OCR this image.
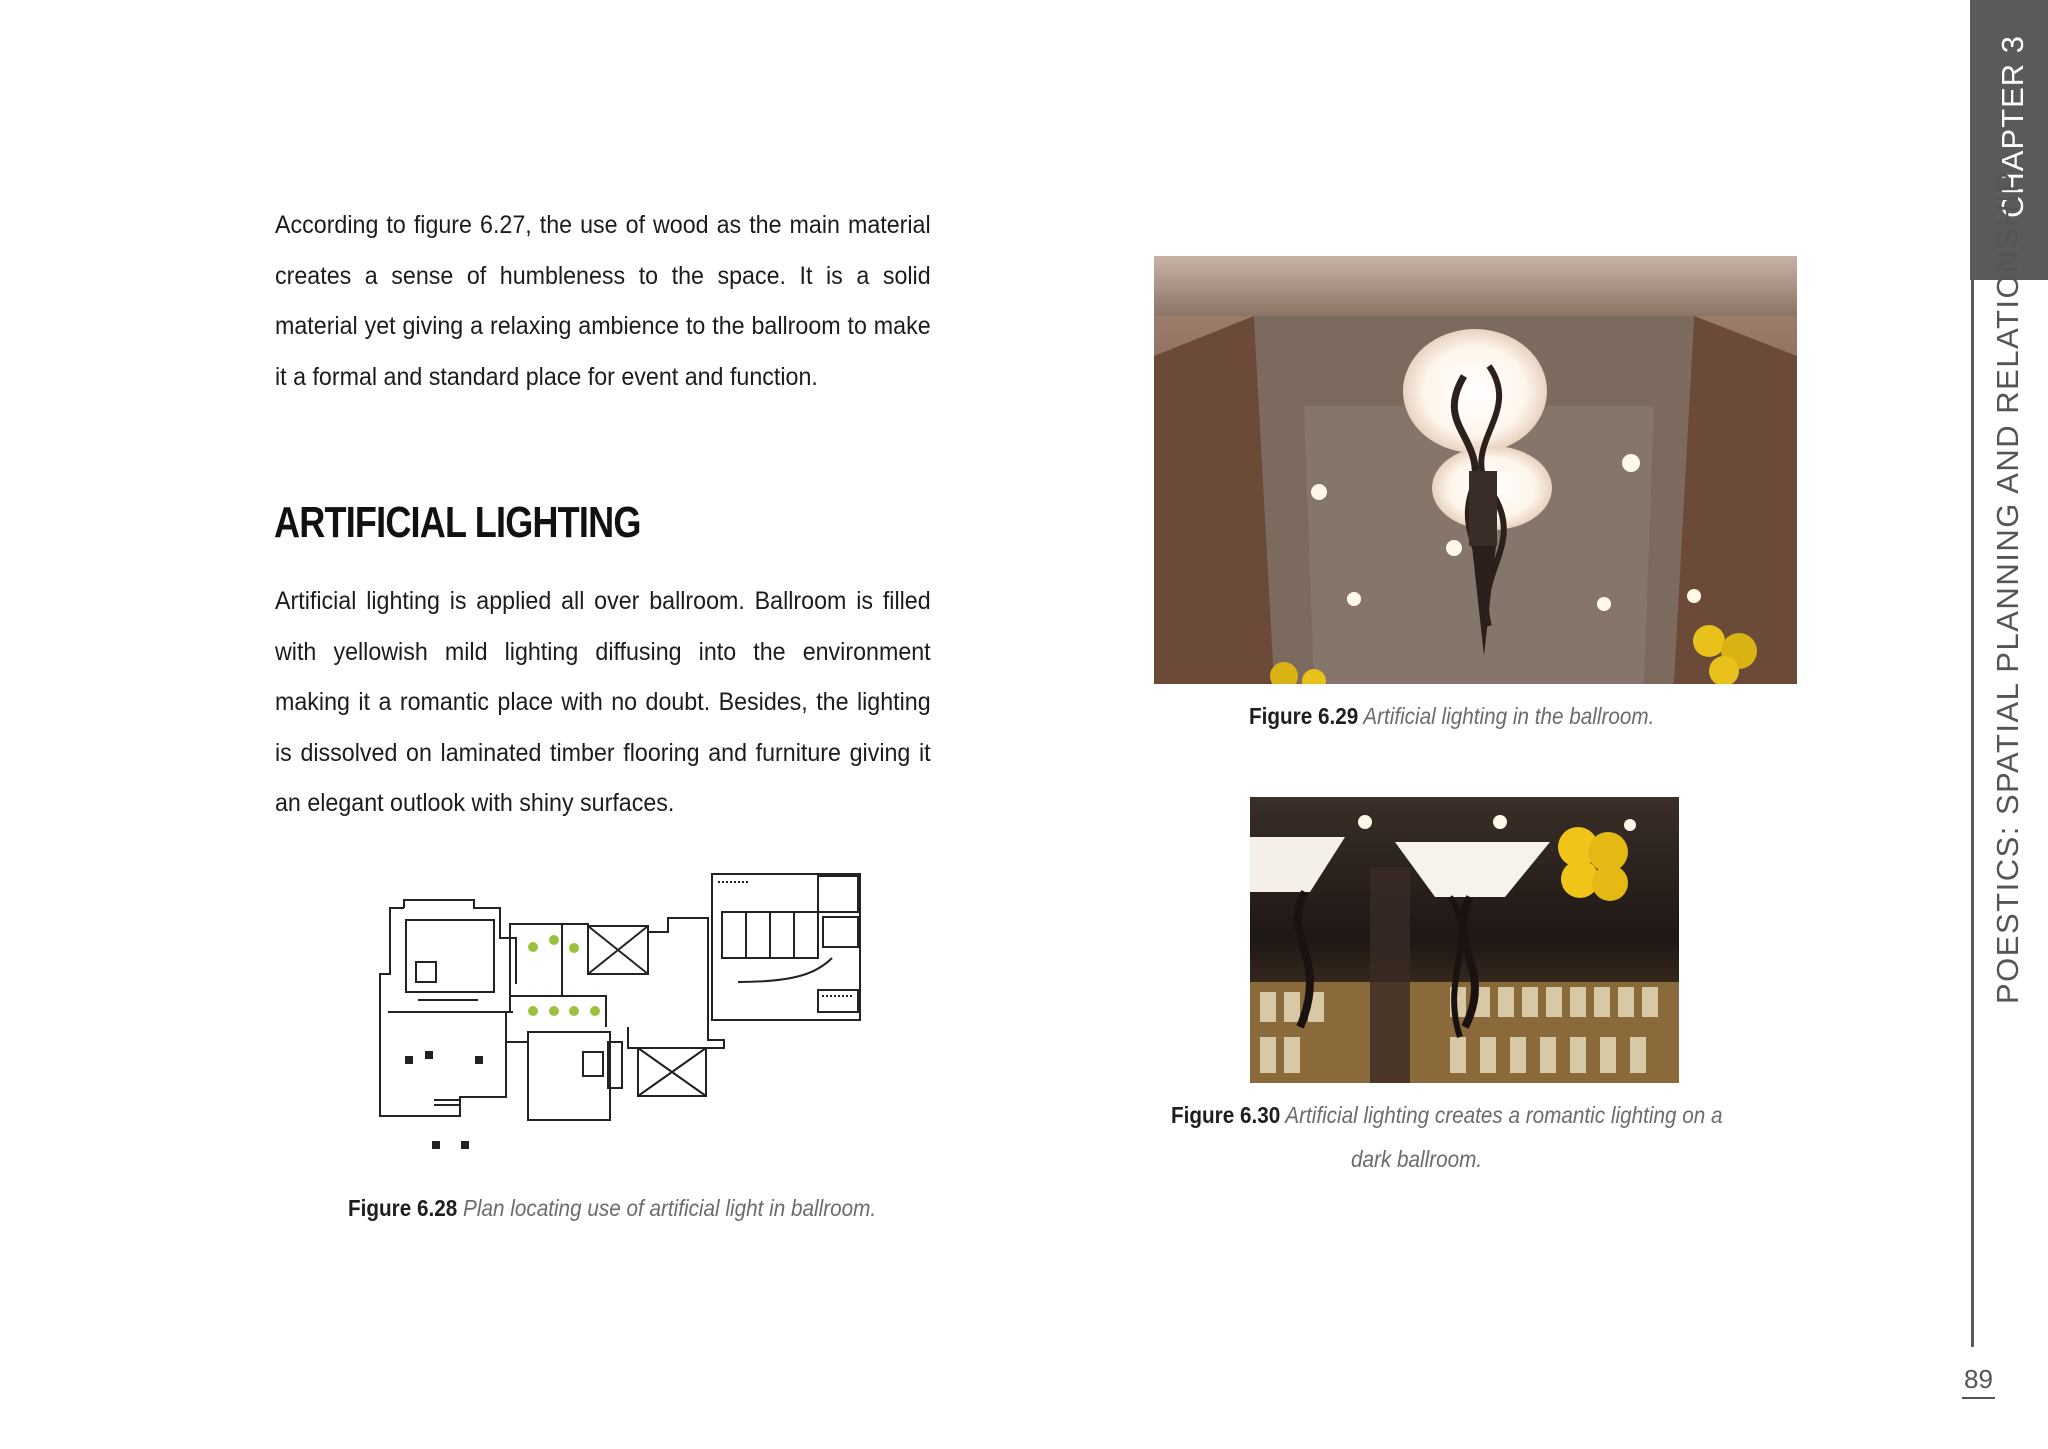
According to figure 6.27, the use of wood as the main material creates a sense of humbleness to the space. It is a solid material yet giving a relaxing ambience to the ballroom to make it a formal and standard place for event and function.

ARTIFICIAL LIGHTING

Artificial lighting is applied all over ballroom. Ballroom is filled with yellowish mild lighting diffusing into the environment making it a romantic place with no doubt. Besides, the lighting is dissolved on laminated timber flooring and furniture giving it an elegant outlook with shiny surfaces.

Figure 6.29 Artificial lighting in the ballroom.
Figure 6.30 Artificial lighting creates a romantic lighting on a
dark ballroom.
Figure 6.28 Plan locating use of artificial light in ballroom.
CHAPTER 3
POESTICS: SPATIAL PLANNING AND RELATIONSHIP
89
